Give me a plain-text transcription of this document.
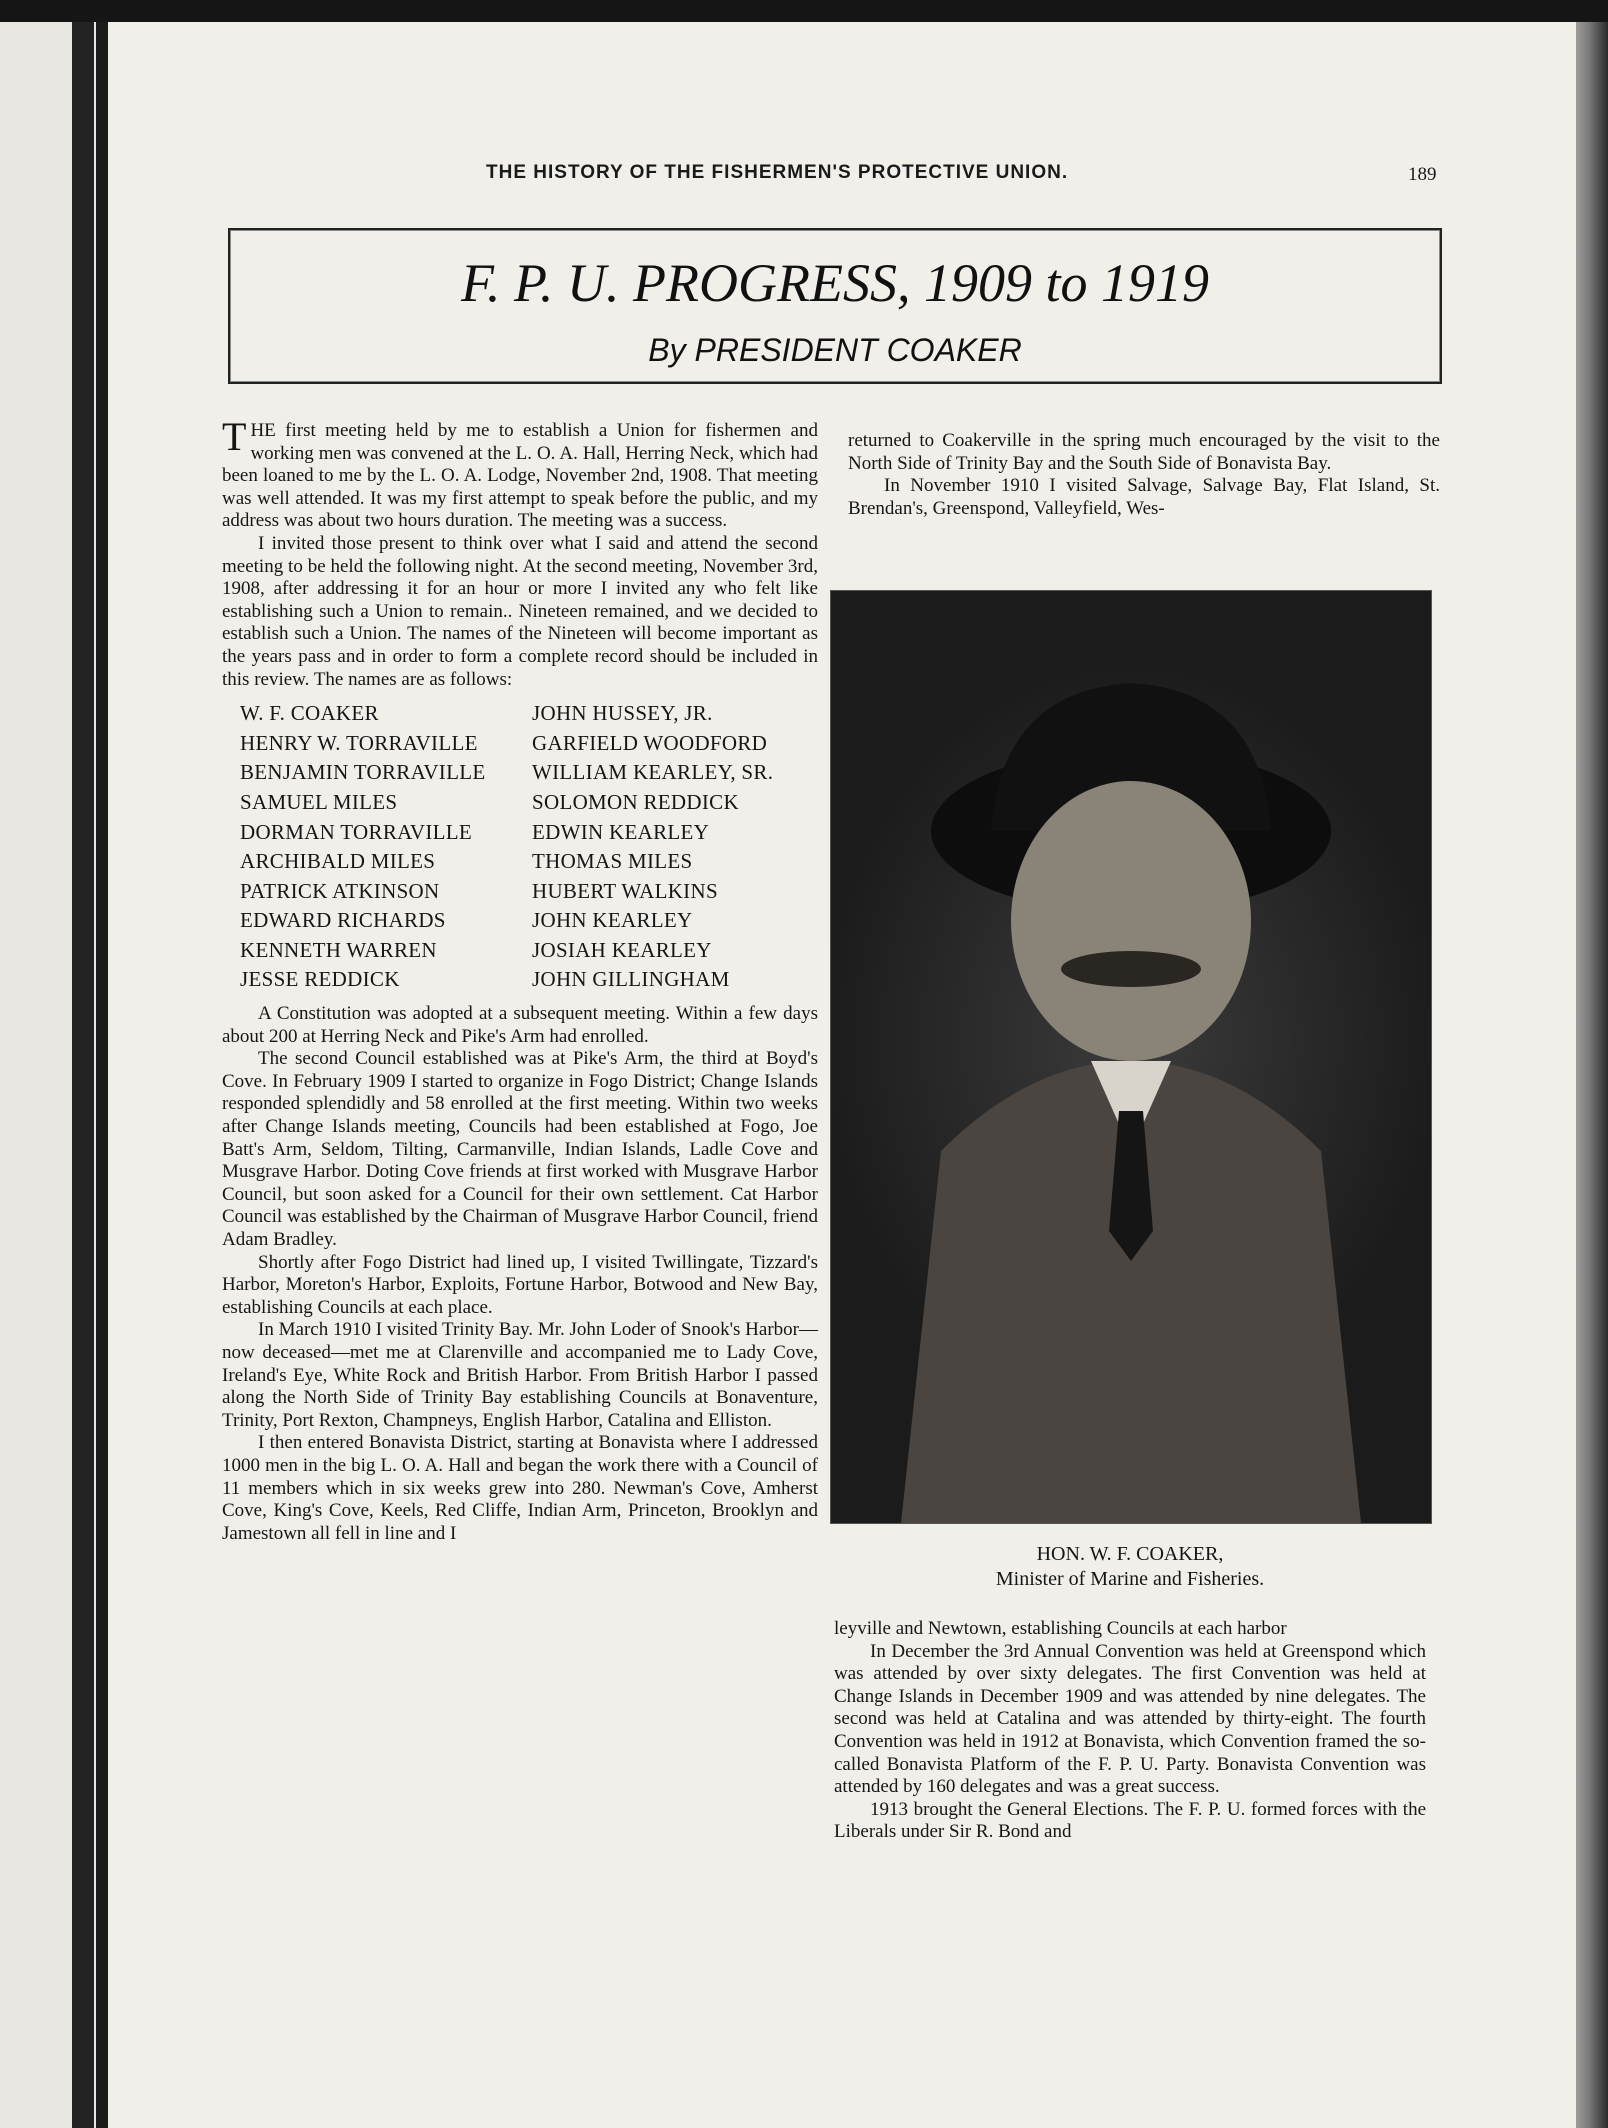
THE HISTORY OF THE FISHERMEN'S PROTECTIVE UNION.	189
F. P. U. PROGRESS, 1909 to 1919
By PRESIDENT COAKER

THE first meeting held by me to establish a Union for fishermen and working men was convened at the L. O. A. Hall, Herring Neck, which had been loaned to me by the L. O. A. Lodge, November 2nd, 1908. That meeting was well attended. It was my first attempt to speak before the public, and my address was about two hours duration. The meeting was a success.

I invited those present to think over what I said and attend the second meeting to be held the following night. At the second meeting, November 3rd, 1908, after addressing it for an hour or more I invited any who felt like establishing such a Union to remain.. Nineteen remained, and we decided to establish such a Union. The names of the Nineteen will become important as the years pass and in order to form a complete record should be included in this review. The names are as follows:

W. F. COAKER	JOHN HUSSEY, JR.
HENRY W. TORRAVILLE	GARFIELD WOODFORD
BENJAMIN TORRAVILLE	WILLIAM KEARLEY, SR.
SAMUEL MILES	SOLOMON REDDICK
DORMAN TORRAVILLE	EDWIN KEARLEY
ARCHIBALD MILES	THOMAS MILES
PATRICK ATKINSON	HUBERT WALKINS
EDWARD RICHARDS	JOHN KEARLEY
KENNETH WARREN	JOSIAH KEARLEY
JESSE REDDICK	JOHN GILLINGHAM

A Constitution was adopted at a subsequent meeting. Within a few days about 200 at Herring Neck and Pike's Arm had enrolled.

The second Council established was at Pike's Arm, the third at Boyd's Cove. In February 1909 I started to organize in Fogo District; Change Islands responded splendidly and 58 enrolled at the first meeting. Within two weeks after Change Islands meeting, Councils had been established at Fogo, Joe Batt's Arm, Seldom, Tilting, Carmanville, Indian Islands, Ladle Cove and Musgrave Harbor. Doting Cove friends at first worked with Musgrave Harbor Council, but soon asked for a Council for their own settlement. Cat Harbor Council was established by the Chairman of Musgrave Harbor Council, friend Adam Bradley.

Shortly after Fogo District had lined up, I visited Twillingate, Tizzard's Harbor, Moreton's Harbor, Exploits, Fortune Harbor, Botwood and New Bay, establishing Councils at each place.

In March 1910 I visited Trinity Bay. Mr. John Loder of Snook's Harbor—now deceased—met me at Clarenville and accompanied me to Lady Cove, Ireland's Eye, White Rock and British Harbor. From British Harbor I passed along the North Side of Trinity Bay establishing Councils at Bonaventure, Trinity, Port Rexton, Champneys, English Harbor, Catalina and Elliston.

I then entered Bonavista District, starting at Bonavista where I addressed 1000 men in the big L. O. A. Hall and began the work there with a Council of 11 members which in six weeks grew into 280. Newman's Cove, Amherst Cove, King's Cove, Keels, Red Cliffe, Indian Arm, Princeton, Brooklyn and Jamestown all fell in line and I

returned to Coakerville in the spring much encouraged by the visit to the North Side of Trinity Bay and the South Side of Bonavista Bay.

In November 1910 I visited Salvage, Salvage Bay, Flat Island, St. Brendan's, Greenspond, Valleyfield, Wes-

HON. W. F. COAKER,
Minister of Marine and Fisheries.

leyville and Newtown, establishing Councils at each harbor

In December the 3rd Annual Convention was held at Greenspond which was attended by over sixty delegates. The first Convention was held at Change Islands in December 1909 and was attended by nine delegates. The second was held at Catalina and was attended by thirty-eight. The fourth Convention was held in 1912 at Bonavista, which Convention framed the so-called Bonavista Platform of the F. P. U. Party. Bonavista Convention was attended by 160 delegates and was a great success.

1913 brought the General Elections. The F. P. U. formed forces with the Liberals under Sir R. Bond and
